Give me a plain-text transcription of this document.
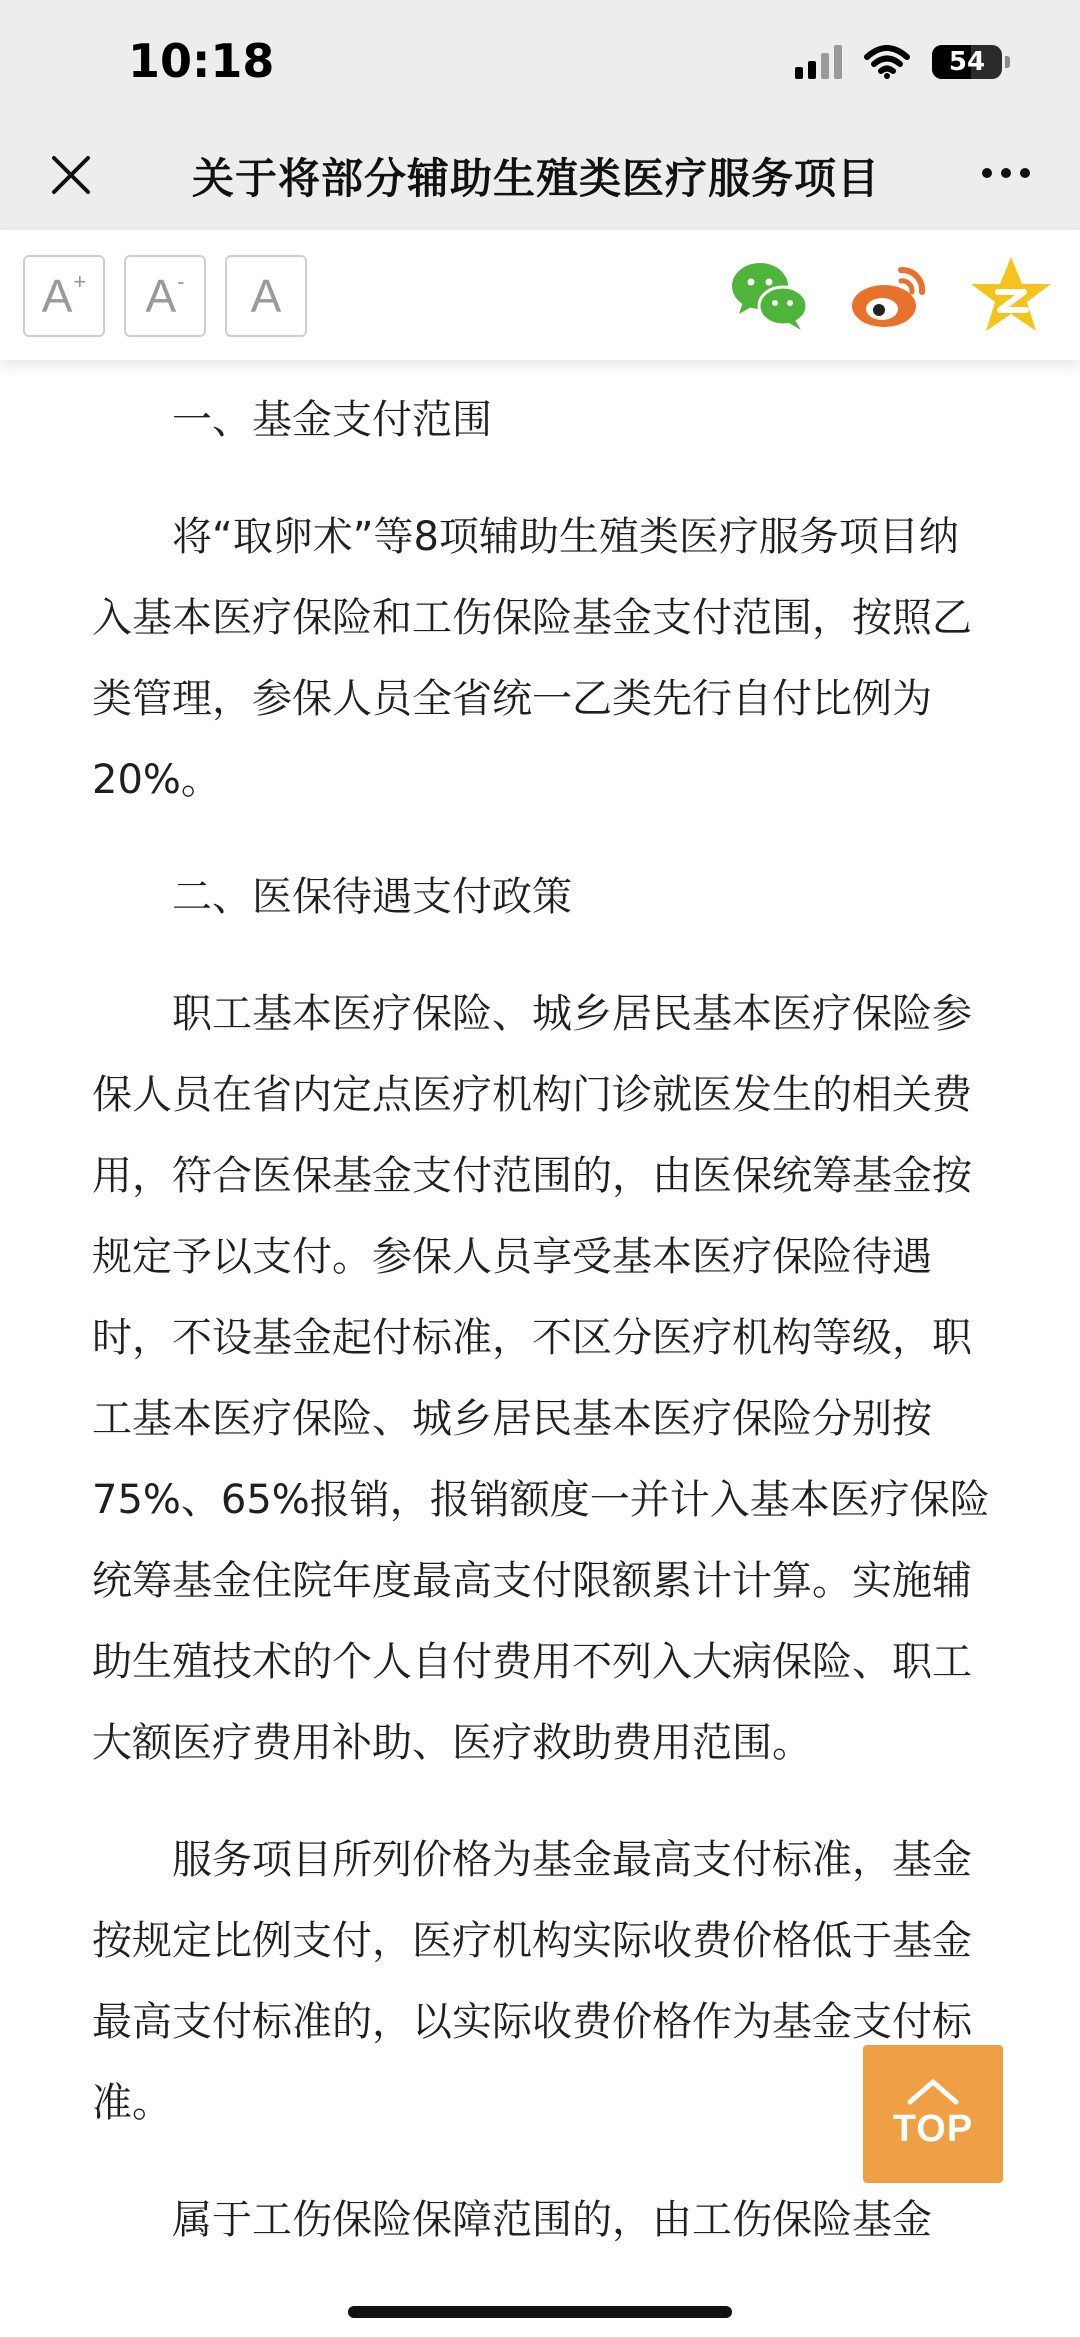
10:18	54
关于将部分辅助生殖类医疗服务项目
A+ A- A

一、基金支付范围

将“取卵术”等8项辅助生殖类医疗服务项目纳入基本医疗保险和工伤保险基金支付范围，按照乙类管理，参保人员全省统一乙类先行自付比例为20%。

二、医保待遇支付政策

职工基本医疗保险、城乡居民基本医疗保险参保人员在省内定点医疗机构门诊就医发生的相关费用，符合医保基金支付范围的，由医保统筹基金按规定予以支付。参保人员享受基本医疗保险待遇时，不设基金起付标准，不区分医疗机构等级，职工基本医疗保险、城乡居民基本医疗保险分别按75%、65%报销，报销额度一并计入基本医疗保险统筹基金住院年度最高支付限额累计计算。实施辅助生殖技术的个人自付费用不列入大病保险、职工大额医疗费用补助、医疗救助费用范围。

服务项目所列价格为基金最高支付标准，基金按规定比例支付，医疗机构实际收费价格低于基金最高支付标准的，以实际收费价格作为基金支付标准。

属于工伤保险保障范围的，由工伤保险基金

TOP
